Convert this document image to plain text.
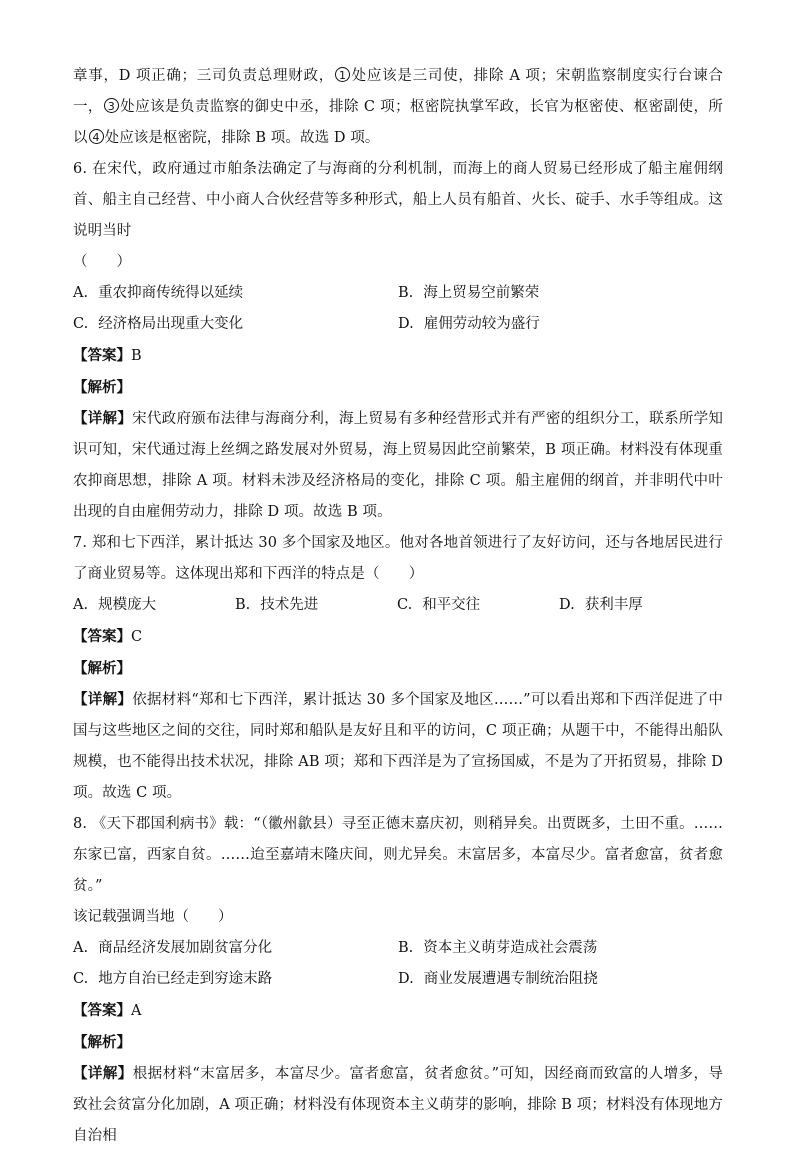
章事，D 项正确；三司负责总理财政， 1 处应该是三司使，排除 A 项；宋朝监察制度实行台谏合一， 3 处应该是负责监察的御史中丞，排除 C 项；枢密院执掌军政，长官为枢密使、枢密副使，所以 4 处应该是枢密院，排除 B 项。故选 D 项。

6. 在宋代，政府通过市舶条法确定了与海商的分利机制，而海上的商人贸易已经形成了船主雇佣纲首、船主自己经营、中小商人合伙经营等多种形式，船上人员有船首、火长、碇手、水手等组成。这说明当时

（　　）

A. 重农抑商传统得以延续	B. 海上贸易空前繁荣
C. 经济格局出现重大变化	D. 雇佣劳动较为盛行

【答案】B

【解析】

【详解】宋代政府颁布法律与海商分利，海上贸易有多种经营形式并有严密的组织分工，联系所学知识可知，宋代通过海上丝绸之路发展对外贸易，海上贸易因此空前繁荣，B 项正确。材料没有体现重农抑商思想，排除 A 项。材料未涉及经济格局的变化，排除 C 项。船主雇佣的纲首，并非明代中叶出现的自由雇佣劳动力，排除 D 项。故选 B 项。

7. 郑和七下西洋，累计抵达 30 多个国家及地区。他对各地首领进行了友好访问，还与各地居民进行了商业贸易等。这体现出郑和下西洋的特点是（　　）

A. 规模庞大	B. 技术先进	C. 和平交往	D. 获利丰厚

【答案】C

【解析】

【详解】依据材料“郑和七下西洋，累计抵达 30 多个国家及地区……”可以看出郑和下西洋促进了中国与这些地区之间的交往，同时郑和船队是友好且和平的访问，C 项正确；从题干中，不能得出船队规模，也不能得出技术状况，排除 AB 项；郑和下西洋是为了宣扬国威，不是为了开拓贸易，排除 D 项。故选 C 项。

8. 《天下郡国利病书》载：“（徽州歙县）寻至正德末嘉庆初，则稍异矣。出贾既多，土田不重。……东家已富，西家自贫。……迨至嘉靖末隆庆间，则尤异矣。末富居多，本富尽少。富者愈富，贫者愈贫。”

该记载强调当地（　　）

A. 商品经济发展加剧贫富分化	B. 资本主义萌芽造成社会震荡
C. 地方自治已经走到穷途末路	D. 商业发展遭遇专制统治阻挠

【答案】A

【解析】

【详解】根据材料“末富居多，本富尽少。富者愈富，贫者愈贫。”可知，因经商而致富的人增多，导致社会贫富分化加剧，A 项正确；材料没有体现资本主义萌芽的影响，排除 B 项；材料没有体现地方自治相
